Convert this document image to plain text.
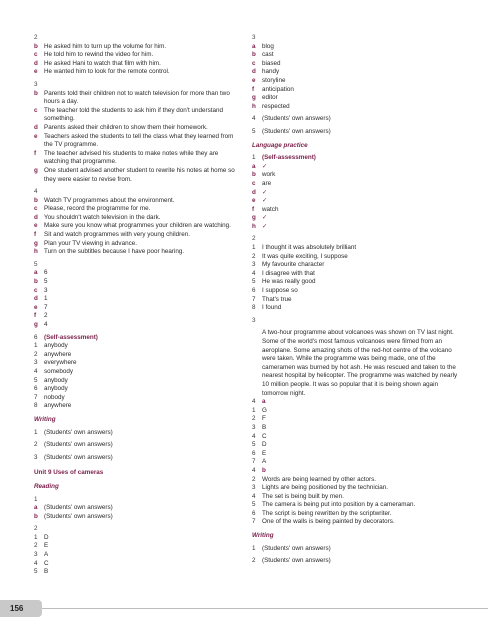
2
b He asked him to turn up the volume for him.
c	He told him to rewind the video for him.
d He asked Hani to watch that film with him.
e	He wanted him to look for the remote control.
3
b Parents told their children not to watch television for more than two hours a day.
c	The teacher told the students to ask him if they don't understand something.
d Parents asked their children to show them their homework.
e	Teachers asked the students to tell the class what they learned from the TV programme.
f	The teacher advised his students to make notes while they are watching that programme.
g One student advised another student to rewrite his notes at home so they were easier to revise from.
4
b Watch TV programmes about the environment.
c	Please, record the programme for me.
d You shouldn't watch television in the dark.
e	Make sure you know what programmes your children are watching.
f	Sit and watch programmes with very young children.
g Plan your TV viewing in advance.
h Turn on the subtitles because I have poor hearing.
5
a	6
b 5
c	3
d 1
e	7
f	2
g 4
6	(Self-assessment)
1	anybody
2	anywhere
3	everywhere
4	somebody
5	anybody
6	anybody
7	nobody
8	anywhere
Writing
1	(Students' own answers)
2	(Students' own answers)
3	(Students' own answers)
Unit 9 Uses of cameras
Reading
1
a	(Students' own answers)
b (Students' own answers)
2
1	D
2	E
3	A
4	C
5	B
3
a	blog
b cast
c	biased
d handy
e	storyline
f	anticipation
g editor
h respected
4	(Students' own answers)
5	(Students' own answers)
Language practice
1	(Self-assessment)
a	✓
b work
c	are
d ✓
e	✓
f	watch
g ✓
h ✓
2
1	I thought it was absolutely brilliant
2	It was quite exciting, I suppose
3	My favourite character
4	I disagree with that
5	He was really good
6	I suppose so
7	That's true
8	I found
3
A two-hour programme about volcanoes was shown on TV last night. Some of the world's most famous volcanoes were filmed from an aeroplane. Some amazing shots of the red-hot centre of the volcano were taken. While the programme was being made, one of the cameramen was burned by hot ash. He was rescued and taken to the nearest hospital by helicopter. The programme was watched by nearly 10 million people. It was so popular that it is being shown again tomorrow night.
4	a
1	G
2	F
3	B
4	C
5	D
6	E
7	A
4	b
2	Words are being learned by other actors.
3	Lights are being positioned by the technician.
4	The set is being built by men.
5	The camera is being put into position by a cameraman.
6	The script is being rewritten by the scriptwriter.
7	One of the walls is being painted by decorators.
Writing
1	(Students' own answers)
2	(Students' own answers)
156
